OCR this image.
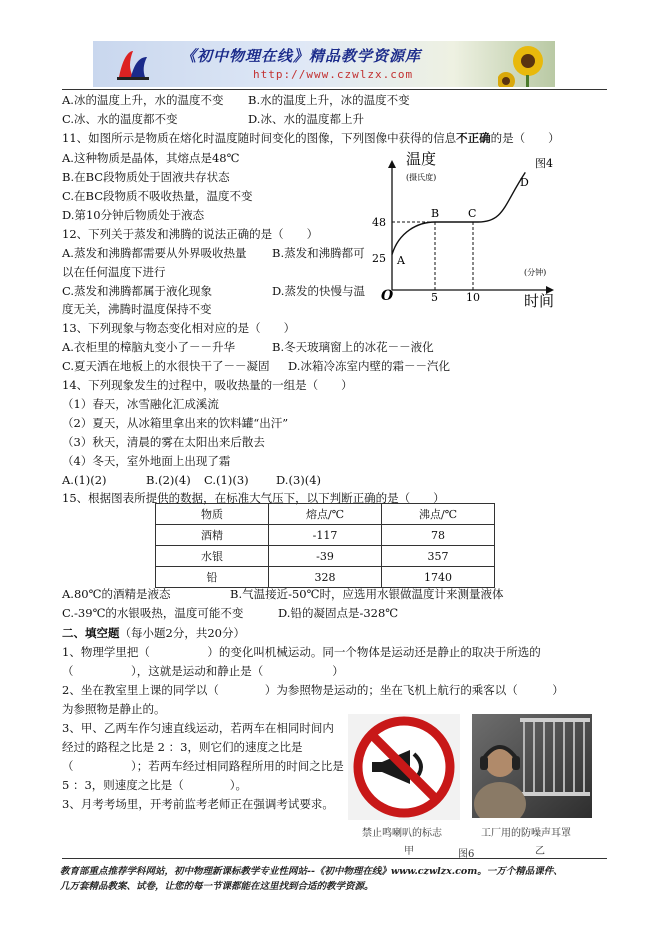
《初中物理在线》精品教学资源库
http://www.czwlzx.com
A.冰的温度上升，水的温度不变 B.水的温度上升，冰的温度不变
C.冰、水的温度都不变	D.冰、水的温度都上升
11、如图所示是物质在熔化时温度随时间变化的图像，下列图像中获得的信息不正确的是（　　）
A.这种物质是晶体，其熔点是48℃
B.在BC段物质处于固液共存状态
C.在BC段物质不吸收热量，温度不变
D.第10分钟后物质处于液态
温度
(摄氏度)
图4
48
25
O	5	10
(分钟)
时间
A
B	C
D
12、下列关于蒸发和沸腾的说法正确的是（　　）
A.蒸发和沸腾都需要从外界吸收热量 B.蒸发和沸腾都可
以在任何温度下进行
C.蒸发和沸腾都属于液化现象	D.蒸发的快慢与温
度无关，沸腾时温度保持不变
13、下列现象与物态变化相对应的是（　　）
A.衣柜里的樟脑丸变小了－－升华	B.冬天玻璃窗上的冰花－－液化
C.夏天洒在地板上的水很快干了－－凝固 D.冰箱冷冻室内壁的霜－－汽化
14、下列现象发生的过程中，吸收热量的一组是（　　）
（1）春天，冰雪融化汇成溪流
（2）夏天，从冰箱里拿出来的饮料罐“出汗”
（3）秋天，清晨的雾在太阳出来后散去
（4）冬天，室外地面上出现了霜
A.(1)(2)	B.(2)(4) C.(1)(3) D.(3)(4)
15、根据图表所提供的数据，在标准大气压下，以下判断正确的是（　　）
物质	熔点/℃	沸点/℃
酒精	-117	78
水银	-39	357
铅	328	1740
A.80℃的酒精是液态	B.气温接近-50℃时，应选用水银做温度计来测量液体
C.-39℃的水银吸热，温度可能不变	D.铅的凝固点是-328℃
二、填空题（每小题2分，共20分）
1、物理学里把（　　　　　）的变化叫机械运动。同一个物体是运动还是静止的取决于所选的
（　　　　　），这就是运动和静止是（　　　　　　）
2、坐在教室里上课的同学以（　　　　）为参照物是运动的；坐在飞机上航行的乘客以（　　　）
为参照物是静止的。
3、甲、乙两车作匀速直线运动，若两车在相同时间内
经过的路程之比是 2 ：3，则它们的速度之比是
（　　　　　）；若两车经过相同路程所用的时间之比是
5 ：3，则速度之比是（　　　　）。
3、月考考场里，开考前监考老师正在强调考试要求。
禁止鸣喇叭的标志	工厂用的防噪声耳罩
甲	图6	乙
教育部重点推荐学科网站，初中物理新课标教学专业性网站--《初中物理在线》www.czwlzx.com。一万个精品课件、
几万套精品教案、试卷，让您的每一节课都能在这里找到合适的教学资源。
